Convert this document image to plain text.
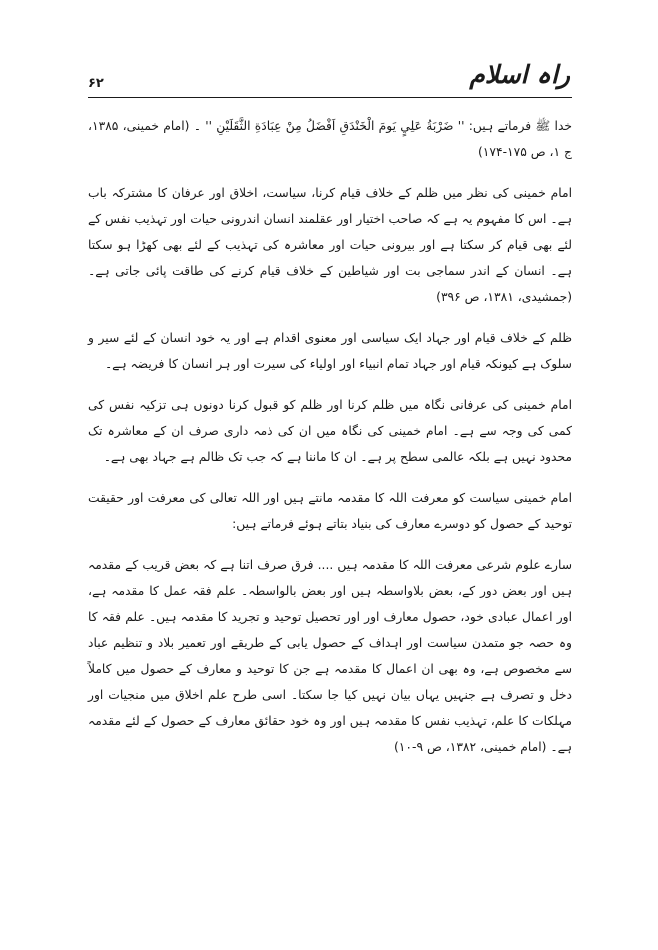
۶۲	راہ اسلام

خدا ﷺ فرماتے ہیں: '' ضَرْبَةُ عَلِيٍ يَومَ الْخَنْدَقِ اَفْضَلُ مِنْ عِبَادَةِ الثَّقَلَيْنِ '' ۔ (امام خمینی، ۱۳۸۵، ج ۱، ص ۱۷۵-۱۷۴)

امام خمینی کی نظر میں ظلم کے خلاف قیام کرنا، سیاست، اخلاق اور عرفان کا مشترکہ باب ہے۔ اس کا مفہوم یہ ہے کہ صاحب اختیار اور عقلمند انسان اندرونی حیات اور تہذیب نفس کے لئے بھی قیام کر سکتا ہے اور بیرونی حیات اور معاشرہ کی تہذیب کے لئے بھی کھڑا ہو سکتا ہے۔ انسان کے اندر سماجی بت اور شیاطین کے خلاف قیام کرنے کی طاقت پائی جاتی ہے۔ (جمشیدی، ۱۳۸۱، ص ۳۹۶)

ظلم کے خلاف قیام اور جہاد ایک سیاسی اور معنوی اقدام ہے اور یہ خود انسان کے لئے سیر و سلوک ہے کیونکہ قیام اور جہاد تمام انبیاء اور اولیاء کی سیرت اور ہر انسان کا فریضہ ہے۔

امام خمینی کی عرفانی نگاہ میں ظلم کرنا اور ظلم کو قبول کرنا دونوں ہی تزکیہ نفس کی کمی کی وجہ سے ہے۔ امام خمینی کی نگاہ میں ان کی ذمہ داری صرف ان کے معاشرہ تک محدود نہیں ہے بلکہ عالمی سطح پر ہے۔ ان کا ماننا ہے کہ جب تک ظالم ہے جہاد بھی ہے۔

امام خمینی سیاست کو معرفت اللہ کا مقدمہ مانتے ہیں اور اللہ تعالی کی معرفت اور حقیقت توحید کے حصول کو دوسرے معارف کی بنیاد بتاتے ہوئے فرماتے ہیں:

سارے علوم شرعی معرفت اللہ کا مقدمہ ہیں .... فرق صرف اتنا ہے کہ بعض قریب کے مقدمہ ہیں اور بعض دور کے، بعض بلاواسطہ ہیں اور بعض بالواسطہ۔ علم فقہ عمل کا مقدمہ ہے، اور اعمال عبادی خود، حصول معارف اور اور تحصیل توحید و تجرید کا مقدمہ ہیں۔ علم فقہ کا وہ حصہ جو متمدن سیاست اور اہداف کے حصول یابی کے طریقے اور تعمیر بلاد و تنظیم عباد سے مخصوص ہے، وہ بھی ان اعمال کا مقدمہ ہے جن کا توحید و معارف کے حصول میں کاملاً دخل و تصرف ہے جنہیں یہاں بیان نہیں کیا جا سکتا۔ اسی طرح علم اخلاق میں منجیات اور مہلکات کا علم، تہذیب نفس کا مقدمہ ہیں اور وہ خود حقائق معارف کے حصول کے لئے مقدمہ ہے۔ (امام خمینی، ۱۳۸۲، ص ۹-۱۰)
